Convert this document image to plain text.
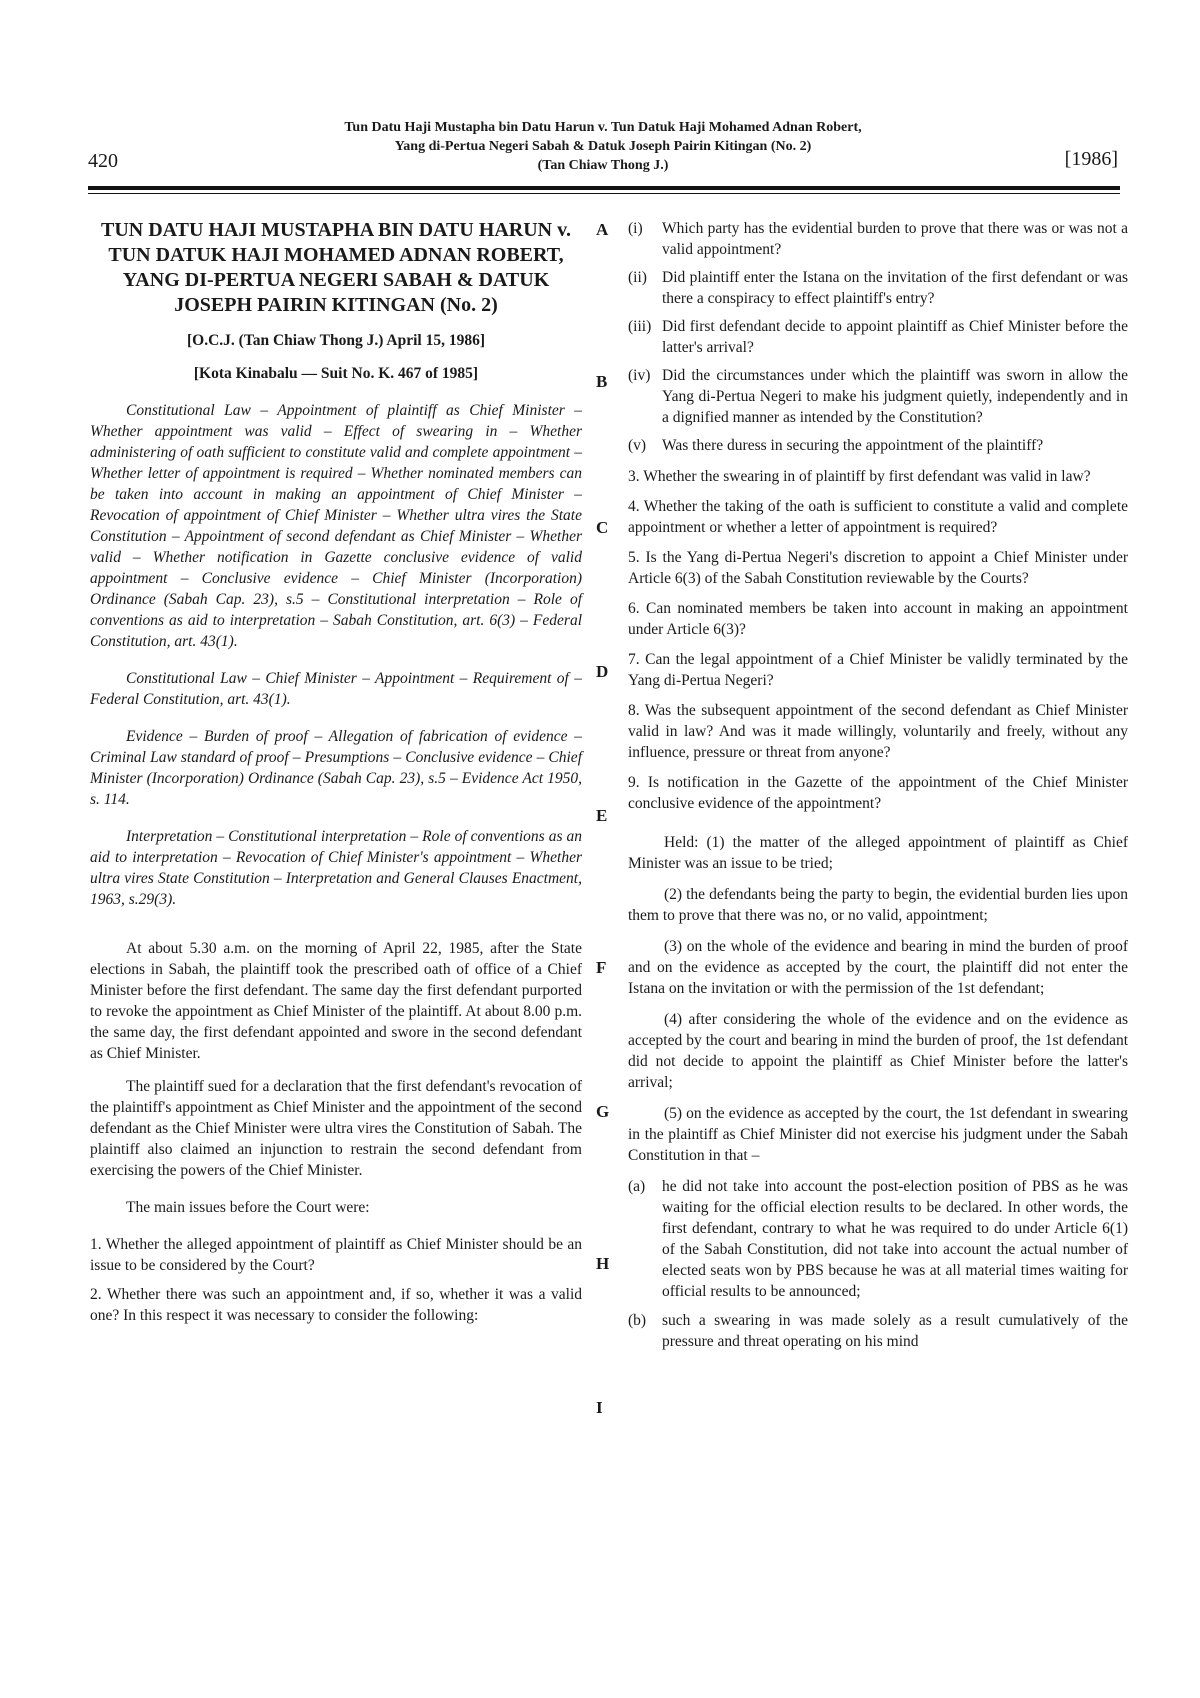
420
Tun Datu Haji Mustapha bin Datu Harun v. Tun Datuk Haji Mohamed Adnan Robert,
Yang di-Pertua Negeri Sabah & Datuk Joseph Pairin Kitingan (No. 2)
(Tan Chiaw Thong J.)	[1986]
TUN DATU HAJI MUSTAPHA BIN DATU HARUN v. TUN DATUK HAJI MOHAMED ADNAN ROBERT, YANG DI-PERTUA NEGERI SABAH & DATUK JOSEPH PAIRIN KITINGAN (No. 2)
[O.C.J. (Tan Chiaw Thong J.) April 15, 1986]
[Kota Kinabalu — Suit No. K. 467 of 1985]

Constitutional Law – Appointment of plaintiff as Chief Minister – Whether appointment was valid – Effect of swearing in – Whether administering of oath sufficient to constitute valid and complete appointment – Whether letter of appointment is required – Whether nominated members can be taken into account in making an appointment of Chief Minister – Revocation of appointment of Chief Minister – Whether ultra vires the State Constitution – Appointment of second defendant as Chief Minister – Whether valid – Whether notification in Gazette conclusive evidence of valid appointment – Conclusive evidence – Chief Minister (Incorporation) Ordinance (Sabah Cap. 23), s.5 – Constitutional interpretation – Role of conventions as aid to interpretation – Sabah Constitution, art. 6(3) – Federal Constitution, art. 43(1).

Constitutional Law – Chief Minister – Appointment – Requirement of – Federal Constitution, art. 43(1).

Evidence – Burden of proof – Allegation of fabrication of evidence – Criminal Law standard of proof – Presumptions – Conclusive evidence – Chief Minister (Incorporation) Ordinance (Sabah Cap. 23), s.5 – Evidence Act 1950, s. 114.

Interpretation – Constitutional interpretation – Role of conventions as an aid to interpretation – Revocation of Chief Minister's appointment – Whether ultra vires State Constitution – Interpretation and General Clauses Enactment, 1963, s.29(3).

At about 5.30 a.m. on the morning of April 22, 1985, after the State elections in Sabah, the plaintiff took the prescribed oath of office of a Chief Minister before the first defendant. The same day the first defendant purported to revoke the appointment as Chief Minister of the plaintiff. At about 8.00 p.m. the same day, the first defendant appointed and swore in the second defendant as Chief Minister.

The plaintiff sued for a declaration that the first defendant's revocation of the plaintiff's appointment as Chief Minister and the appointment of the second defendant as the Chief Minister were ultra vires the Constitution of Sabah. The plaintiff also claimed an injunction to restrain the second defendant from exercising the powers of the Chief Minister.

The main issues before the Court were:

1. Whether the alleged appointment of plaintiff as Chief Minister should be an issue to be considered by the Court?

2. Whether there was such an appointment and, if so, whether it was a valid one? In this respect it was necessary to consider the following:

A
B
C
D
E
F
G
H
I
(i)	Which party has the evidential burden to prove that there was or was not a valid appointment?
(ii) Did plaintiff enter the Istana on the invitation of the first defendant or was there a conspiracy to effect plaintiff's entry?
(iii) Did first defendant decide to appoint plaintiff as Chief Minister before the latter's arrival?
(iv) Did the circumstances under which the plaintiff was sworn in allow the Yang di-Pertua Negeri to make his judgment quietly, independently and in a dignified manner as intended by the Constitution?
(v)	Was there duress in securing the appointment of the plaintiff?

3. Whether the swearing in of plaintiff by first defendant was valid in law?

4. Whether the taking of the oath is sufficient to constitute a valid and complete appointment or whether a letter of appointment is required?

5. Is the Yang di-Pertua Negeri's discretion to appoint a Chief Minister under Article 6(3) of the Sabah Constitution reviewable by the Courts?

6. Can nominated members be taken into account in making an appointment under Article 6(3)?

7. Can the legal appointment of a Chief Minister be validly terminated by the Yang di-Pertua Negeri?

8. Was the subsequent appointment of the second defendant as Chief Minister valid in law? And was it made willingly, voluntarily and freely, without any influence, pressure or threat from anyone?

9. Is notification in the Gazette of the appointment of the Chief Minister conclusive evidence of the appointment?

Held: (1) the matter of the alleged appointment of plaintiff as Chief Minister was an issue to be tried;

(2) the defendants being the party to begin, the evidential burden lies upon them to prove that there was no, or no valid, appointment;

(3) on the whole of the evidence and bearing in mind the burden of proof and on the evidence as accepted by the court, the plaintiff did not enter the Istana on the invitation or with the permission of the 1st defendant;

(4) after considering the whole of the evidence and on the evidence as accepted by the court and bearing in mind the burden of proof, the 1st defendant did not decide to appoint the plaintiff as Chief Minister before the latter's arrival;

(5) on the evidence as accepted by the court, the 1st defendant in swearing in the plaintiff as Chief Minister did not exercise his judgment under the Sabah Constitution in that –

(a)	he did not take into account the post-election position of PBS as he was waiting for the official election results to be declared. In other words, the first defendant, contrary to what he was required to do under Article 6(1) of the Sabah Constitution, did not take into account the actual number of elected seats won by PBS because he was at all material times waiting for official results to be announced;
(b)	such a swearing in was made solely as a result cumulatively of the pressure and threat operating on his mind
